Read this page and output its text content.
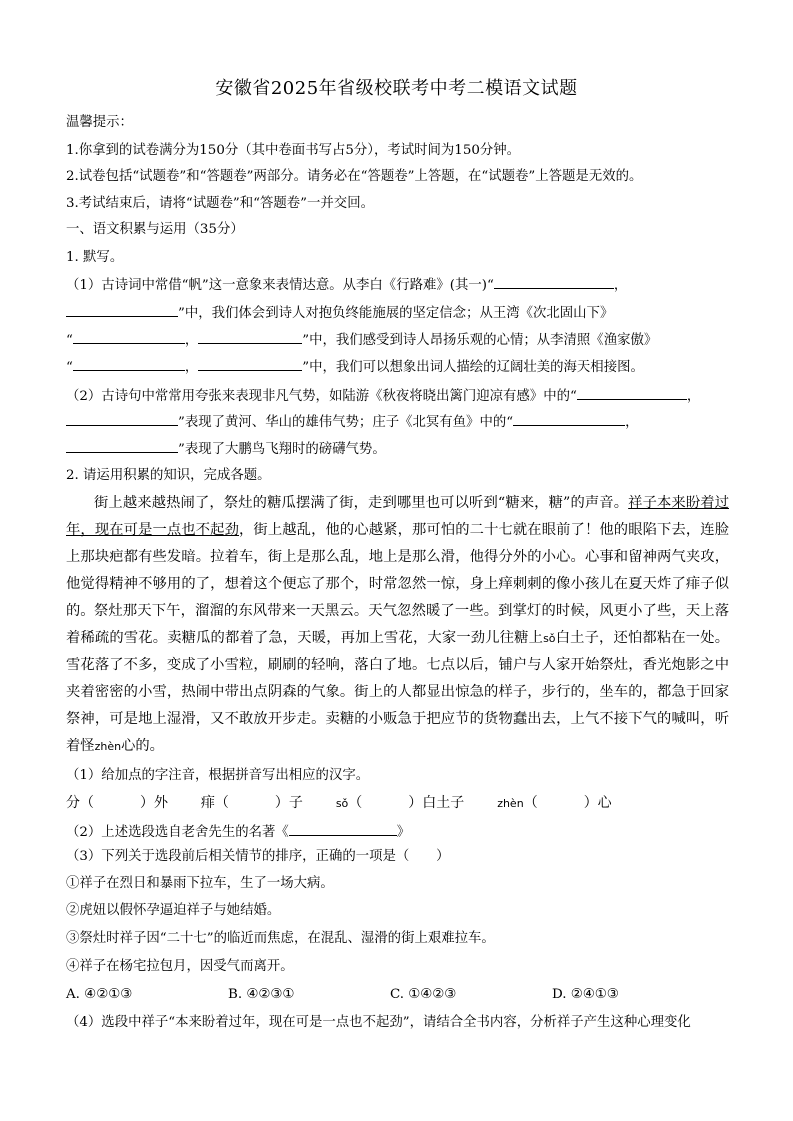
安徽省2025年省级校联考中考二模语文试题
温馨提示：
1.你拿到的试卷满分为150分（其中卷面书写占5分），考试时间为150分钟。
2.试卷包括“试题卷”和“答题卷”两部分。请务必在“答题卷”上答题，在“试题卷”上答题是无效的。
3.考试结束后，请将“试题卷”和“答题卷”一并交回。
一、语文积累与运用（35分）
1. 默写。
（1）古诗词中常借“帆”这一意象来表情达意。从李白《行路难》(其一)“	，
”中，我们体会到诗人对抱负终能施展的坚定信念；从王湾《次北固山下》
“	，	”中，我们感受到诗人昂扬乐观的心情；从李清照《渔家傲》
“	，	”中，我们可以想象出词人描绘的辽阔壮美的海天相接图。
（2）古诗句中常常用夸张来表现非凡气势，如陆游《秋夜将晓出篱门迎凉有感》中的“	，
”表现了黄河、华山的雄伟气势；庄子《北冥有鱼》中的“	，
”表现了大鹏鸟飞翔时的磅礴气势。
2. 请运用积累的知识，完成各题。
街上越来越热闹了，祭灶的糖瓜摆满了街，走到哪里也可以听到“糖来，糖”的声音。祥子本来盼着过年，现在可是一点也不起劲，街上越乱，他的心越紧，那可怕的二十七就在眼前了！他的眼陷下去，连脸上那块疤都有些发暗。拉着车，街上是那么乱，地上是那么滑，他得分外的小心。心事和留神两气夹攻，他觉得精神不够用的了，想着这个便忘了那个，时常忽然一惊，身上痒刺刺的像小孩儿在夏天炸了痱子似的。 祭灶那天下午，溜溜的东风带来一天黑云。天气忽然暖了一些。到掌灯的时候，风更小了些，天上落着稀疏的雪花。卖糖瓜的都着了急，天暖，再加上雪花，大家一劲儿往糖上sǒ白土子，还怕都粘在一处。雪花落了不多，变成了小雪粒，刷刷的轻响，落白了地。七点以后，铺户与人家开始祭灶，香光炮影之中夹着密密的小雪，热闹中带出点阴森的气象。街上的人都显出惊急的样子，步行的，坐车的，都急于回家祭神，可是地上湿滑，又不敢放开步走。卖糖的小贩急于把应节的货物蠢出去，上气不接下气的喊叫，听着怪zhèn心的。
（1）给加点的字注音，根据拼音写出相应的汉字。
分（	）外 痱（	）子	sǒ（	）白土子	zhèn（	）心
（2）上述选段选自老舍先生的名著《	》
（3）下列关于选段前后相关情节的排序，正确的一项是（　　）
①祥子在烈日和暴雨下拉车，生了一场大病。
②虎妞以假怀孕逼迫祥子与她结婚。
③祭灶时祥子因“二十七”的临近而焦虑，在混乱、湿滑的街上艰难拉车。
④祥子在杨宅拉包月，因受气而离开。
A. ④②①③	B. ④②③①	C. ①④②③	D. ②④①③
（4）选段中祥子“本来盼着过年，现在可是一点也不起劲”，请结合全书内容，分析祥子产生这种心理变化
